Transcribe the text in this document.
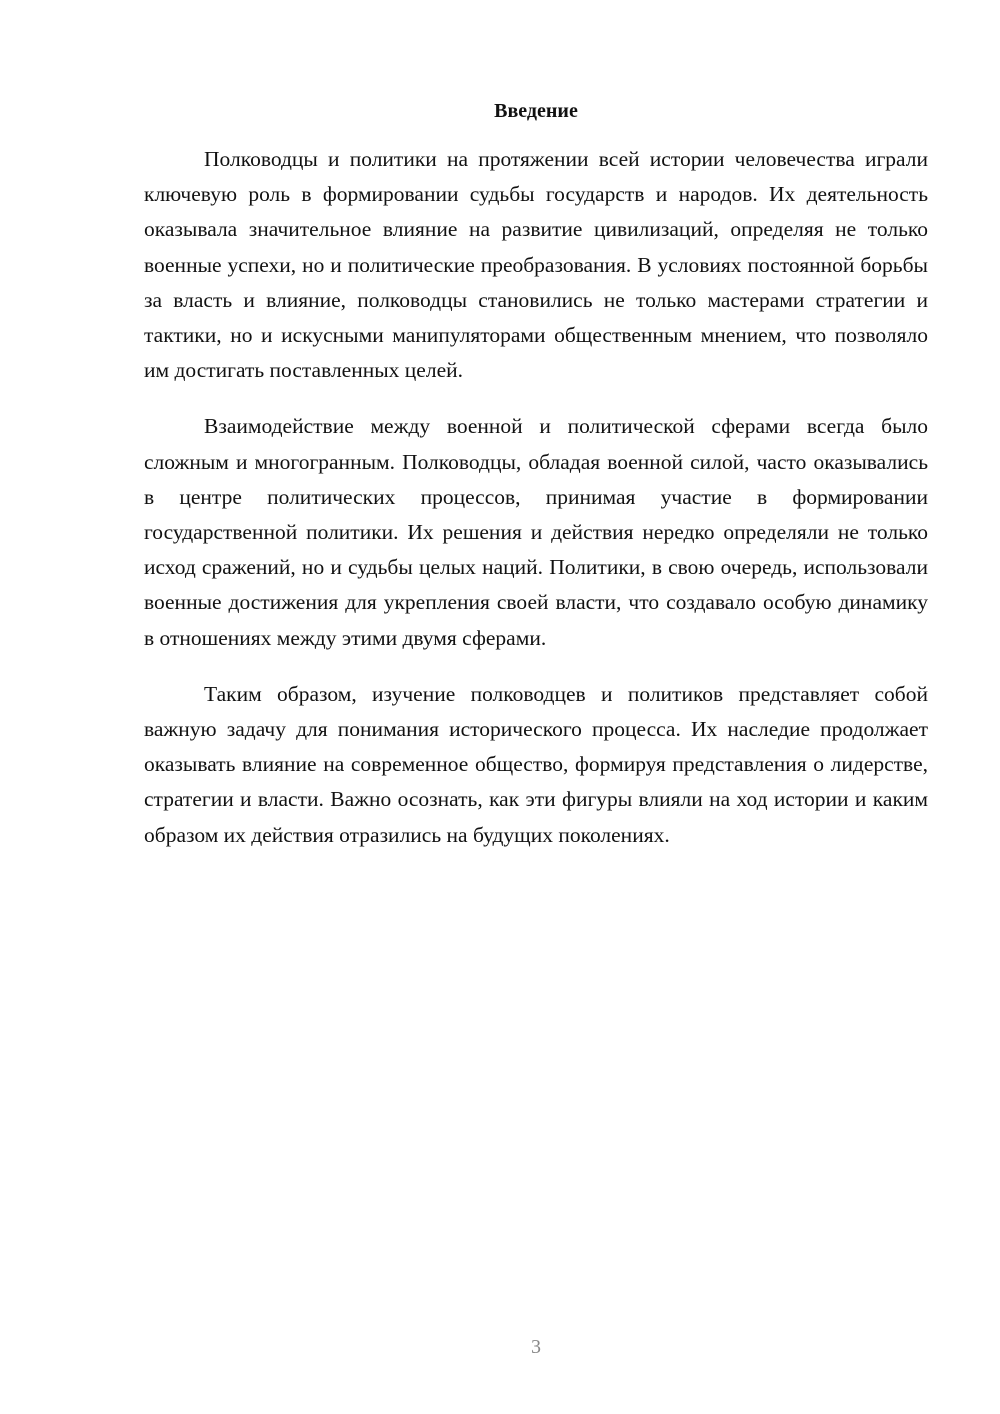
Введение

Полководцы и политики на протяжении всей истории человечества играли ключевую роль в формировании судьбы государств и народов. Их деятельность оказывала значительное влияние на развитие цивилизаций, определяя не только военные успехи, но и политические преобразования. В условиях постоянной борьбы за власть и влияние, полководцы становились не только мастерами стратегии и тактики, но и искусными манипуляторами общественным мнением, что позволяло им достигать поставленных целей.

Взаимодействие между военной и политической сферами всегда было сложным и многогранным. Полководцы, обладая военной силой, часто оказывались в центре политических процессов, принимая участие в формировании государственной политики. Их решения и действия нередко определяли не только исход сражений, но и судьбы целых наций. Политики, в свою очередь, использовали военные достижения для укрепления своей власти, что создавало особую динамику в отношениях между этими двумя сферами.

Таким образом, изучение полководцев и политиков представляет собой важную задачу для понимания исторического процесса. Их наследие продолжает оказывать влияние на современное общество, формируя представления о лидерстве, стратегии и власти. Важно осознать, как эти фигуры влияли на ход истории и каким образом их действия отразились на будущих поколениях.

3
